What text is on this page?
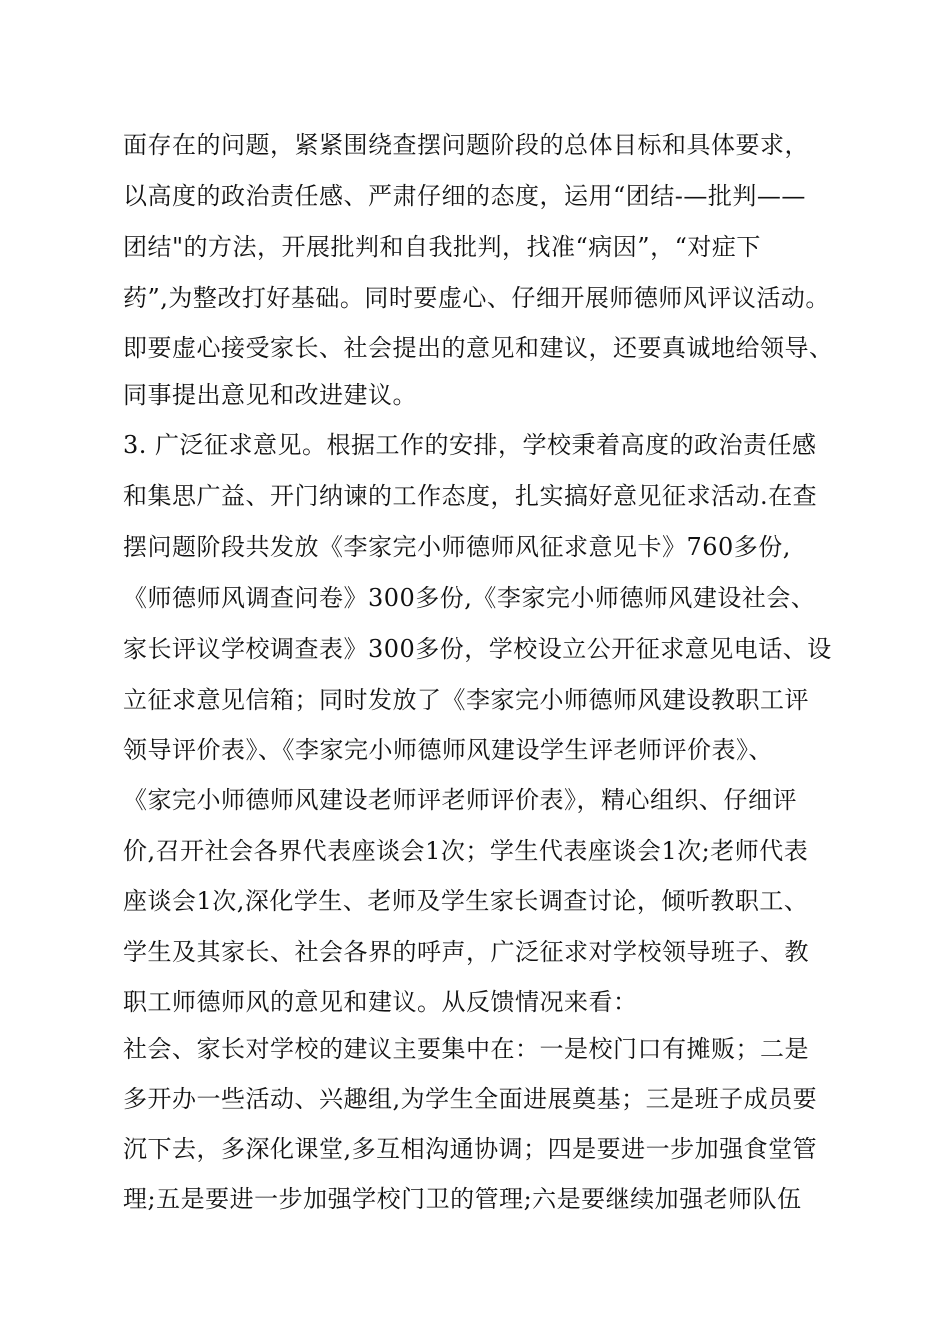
面存在的问题，紧紧围绕查摆问题阶段的总体目标和具体要求，
以高度的政治责任感、严肃仔细的态度，运用“团结-—批判——
团结"的方法，开展批判和自我批判，找准“病因”，“对症下
药”,为整改打好基础。同时要虚心、仔细开展师德师风评议活动。
即要虚心接受家长、社会提出的意见和建议，还要真诚地给领导、
同事提出意见和改进建议。
3. 广泛征求意见。根据工作的安排，学校秉着高度的政治责任感
和集思广益、开门纳谏的工作态度，扎实搞好意见征求活动.在查
摆问题阶段共发放《李家完小师德师风征求意见卡》760多份,
《师德师风调查问卷》300多份,《李家完小师德师风建设社会、
家长评议学校调查表》300多份，学校设立公开征求意见电话、设
立征求意见信箱；同时发放了《李家完小师德师风建设教职工评
领导评价表》、《李家完小师德师风建设学生评老师评价表》、
《家完小师德师风建设老师评老师评价表》，精心组织、仔细评
价,召开社会各界代表座谈会1次；学生代表座谈会1次;老师代表
座谈会1次,深化学生、老师及学生家长调查讨论，倾听教职工、
学生及其家长、社会各界的呼声，广泛征求对学校领导班子、教
职工师德师风的意见和建议。从反馈情况来看：
社会、家长对学校的建议主要集中在：一是校门口有摊贩；二是
多开办一些活动、兴趣组,为学生全面进展奠基；三是班子成员要
沉下去，多深化课堂,多互相沟通协调；四是要进一步加强食堂管
理;五是要进一步加强学校门卫的管理;六是要继续加强老师队伍
